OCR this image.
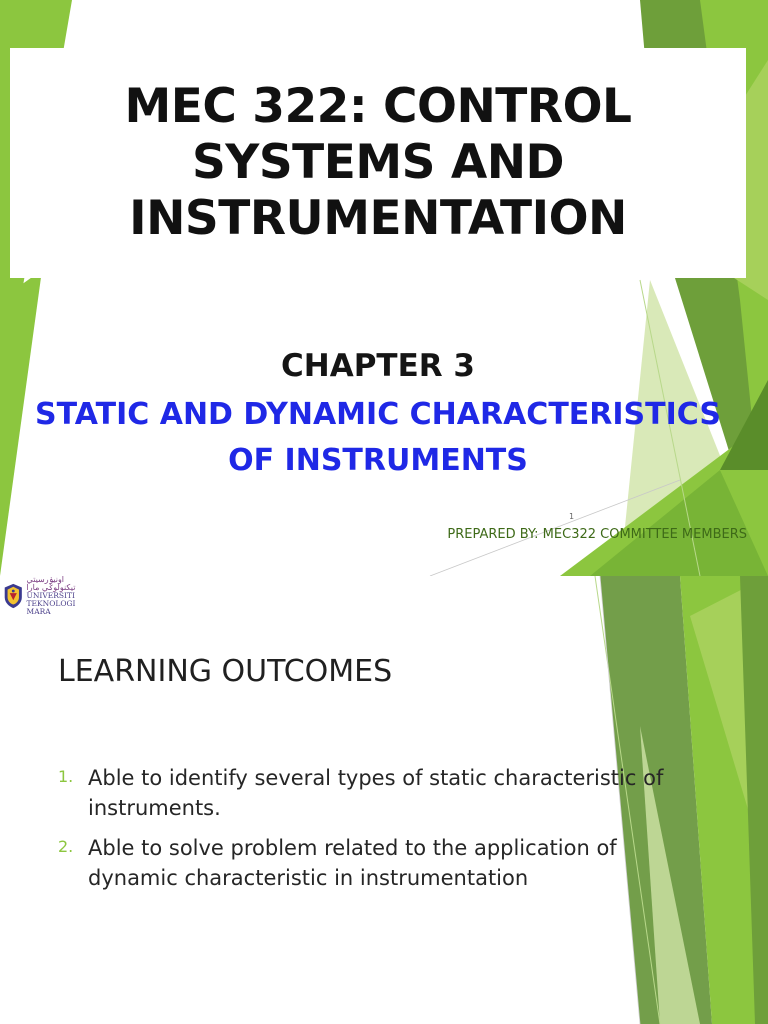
MEC 322: CONTROL SYSTEMS AND INSTRUMENTATION
CHAPTER 3
STATIC AND DYNAMIC CHARACTERISTICS
OF INSTRUMENTS
1
PREPARED BY: MEC322 COMMITTEE MEMBERS
اونيۏرسيتي تيكنولوݢي مارا
UNIVERSITI
TEKNOLOGI
MARA
LEARNING OUTCOMES
1. Able to identify several types of static characteristic of instruments.
2. Able to solve problem related to the application of dynamic characteristic in instrumentation
